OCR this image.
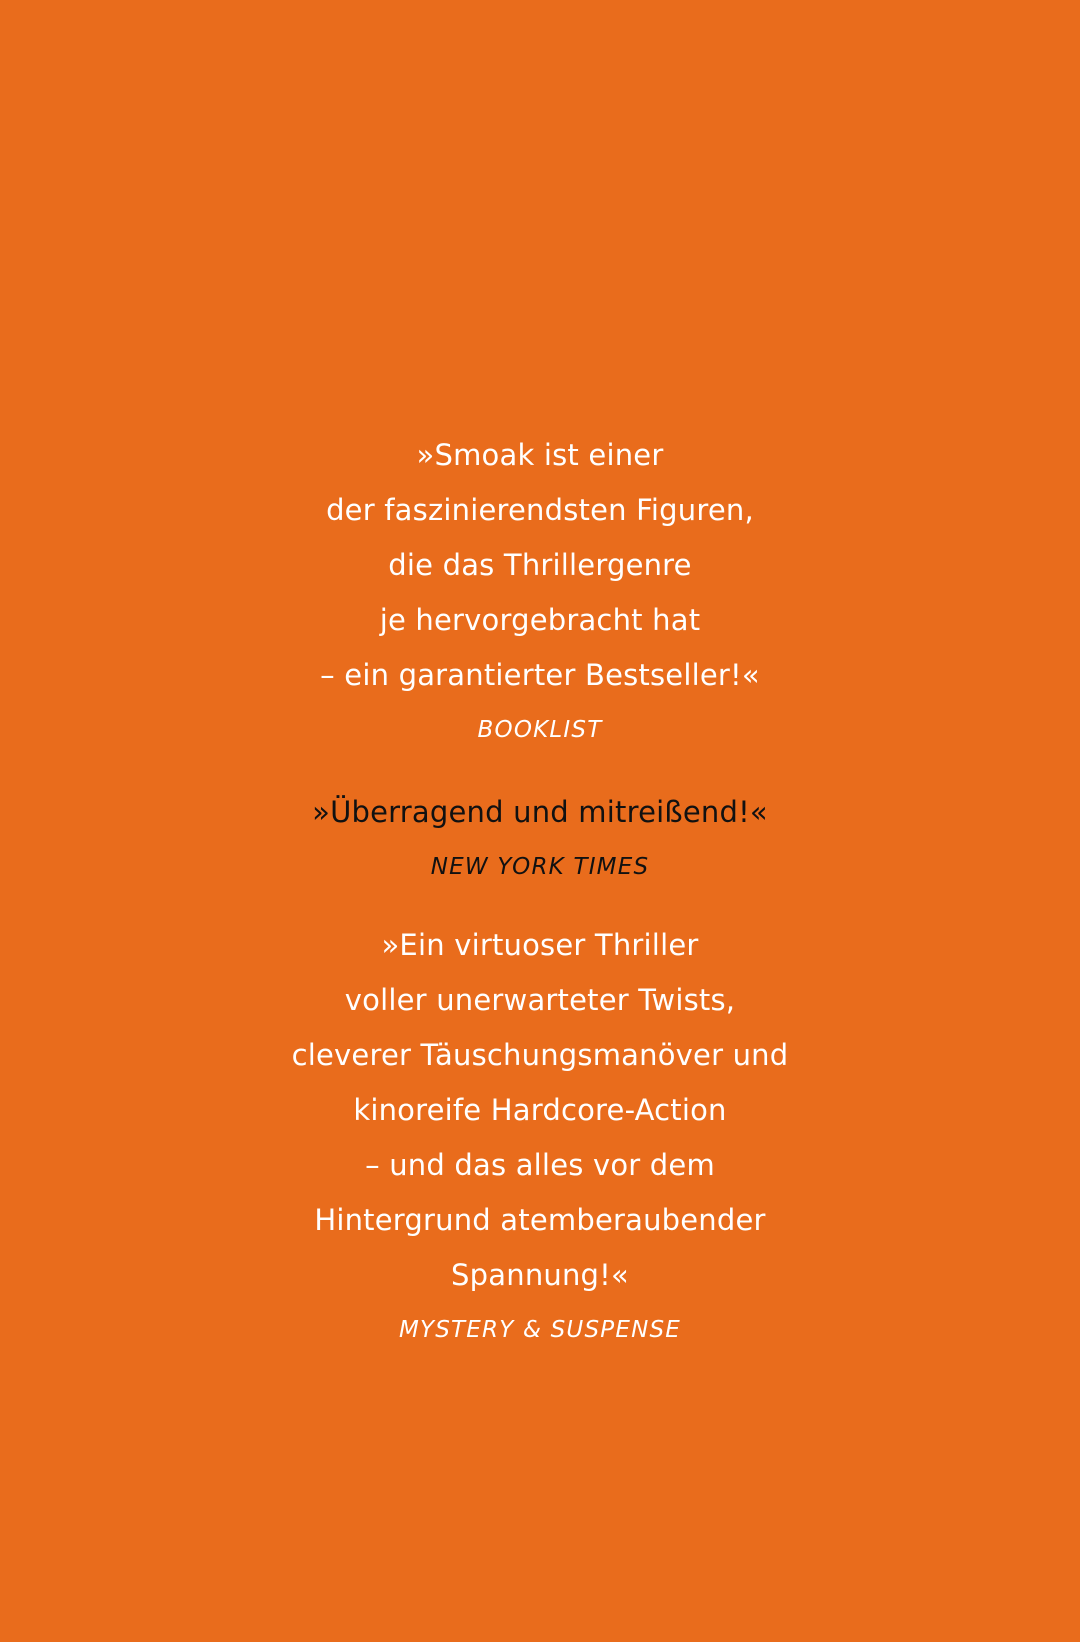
»Smoak ist einer
der faszinierendsten Figuren,
die das Thrillergenre
je hervorgebracht hat
– ein garantierter Bestseller!«
BOOKLIST
»Überragend und mitreißend!«
NEW YORK TIMES
»Ein virtuoser Thriller
voller unerwarteter Twists,
cleverer Täuschungsmanöver und
kinoreife Hardcore-Action
– und das alles vor dem
Hintergrund atemberaubender
Spannung!«
MYSTERY & SUSPENSE
